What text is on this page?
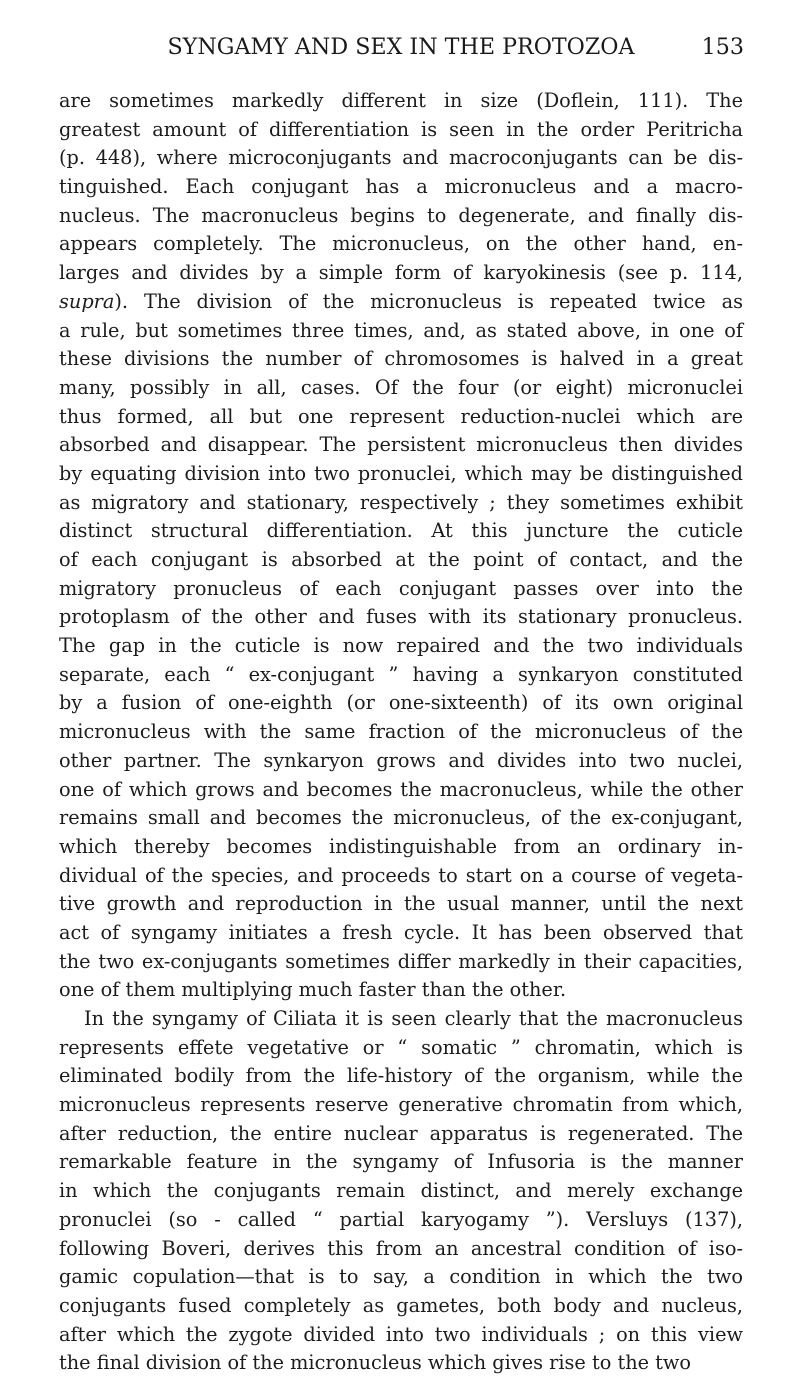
SYNGAMY AND SEX IN THE PROTOZOA	153
are sometimes markedly different in size (Doflein, 111). The
greatest amount of differentiation is seen in the order Peritricha
(p. 448), where microconjugants and macroconjugants can be dis-
tinguished. Each conjugant has a micronucleus and a macro-
nucleus. The macronucleus begins to degenerate, and finally dis-
appears completely. The micronucleus, on the other hand, en-
larges and divides by a simple form of karyokinesis (see p. 114,
supra). The division of the micronucleus is repeated twice as
a rule, but sometimes three times, and, as stated above, in one of
these divisions the number of chromosomes is halved in a great
many, possibly in all, cases. Of the four (or eight) micronuclei
thus formed, all but one represent reduction-nuclei which are
absorbed and disappear. The persistent micronucleus then divides
by equating division into two pronuclei, which may be distinguished
as migratory and stationary, respectively ; they sometimes exhibit
distinct structural differentiation. At this juncture the cuticle
of each conjugant is absorbed at the point of contact, and the
migratory pronucleus of each conjugant passes over into the
protoplasm of the other and fuses with its stationary pronucleus.
The gap in the cuticle is now repaired and the two individuals
separate, each “ ex-conjugant ” having a synkaryon constituted
by a fusion of one-eighth (or one-sixteenth) of its own original
micronucleus with the same fraction of the micronucleus of the
other partner. The synkaryon grows and divides into two nuclei,
one of which grows and becomes the macronucleus, while the other
remains small and becomes the micronucleus, of the ex-conjugant,
which thereby becomes indistinguishable from an ordinary in-
dividual of the species, and proceeds to start on a course of vegeta-
tive growth and reproduction in the usual manner, until the next
act of syngamy initiates a fresh cycle. It has been observed that
the two ex-conjugants sometimes differ markedly in their capacities,
one of them multiplying much faster than the other.
In the syngamy of Ciliata it is seen clearly that the macronucleus
represents effete vegetative or “ somatic ” chromatin, which is
eliminated bodily from the life-history of the organism, while the
micronucleus represents reserve generative chromatin from which,
after reduction, the entire nuclear apparatus is regenerated. The
remarkable feature in the syngamy of Infusoria is the manner
in which the conjugants remain distinct, and merely exchange
pronuclei (so - called “ partial karyogamy ”). Versluys (137),
following Boveri, derives this from an ancestral condition of iso-
gamic copulation—that is to say, a condition in which the two
conjugants fused completely as gametes, both body and nucleus,
after which the zygote divided into two individuals ; on this view
the final division of the micronucleus which gives rise to the two
